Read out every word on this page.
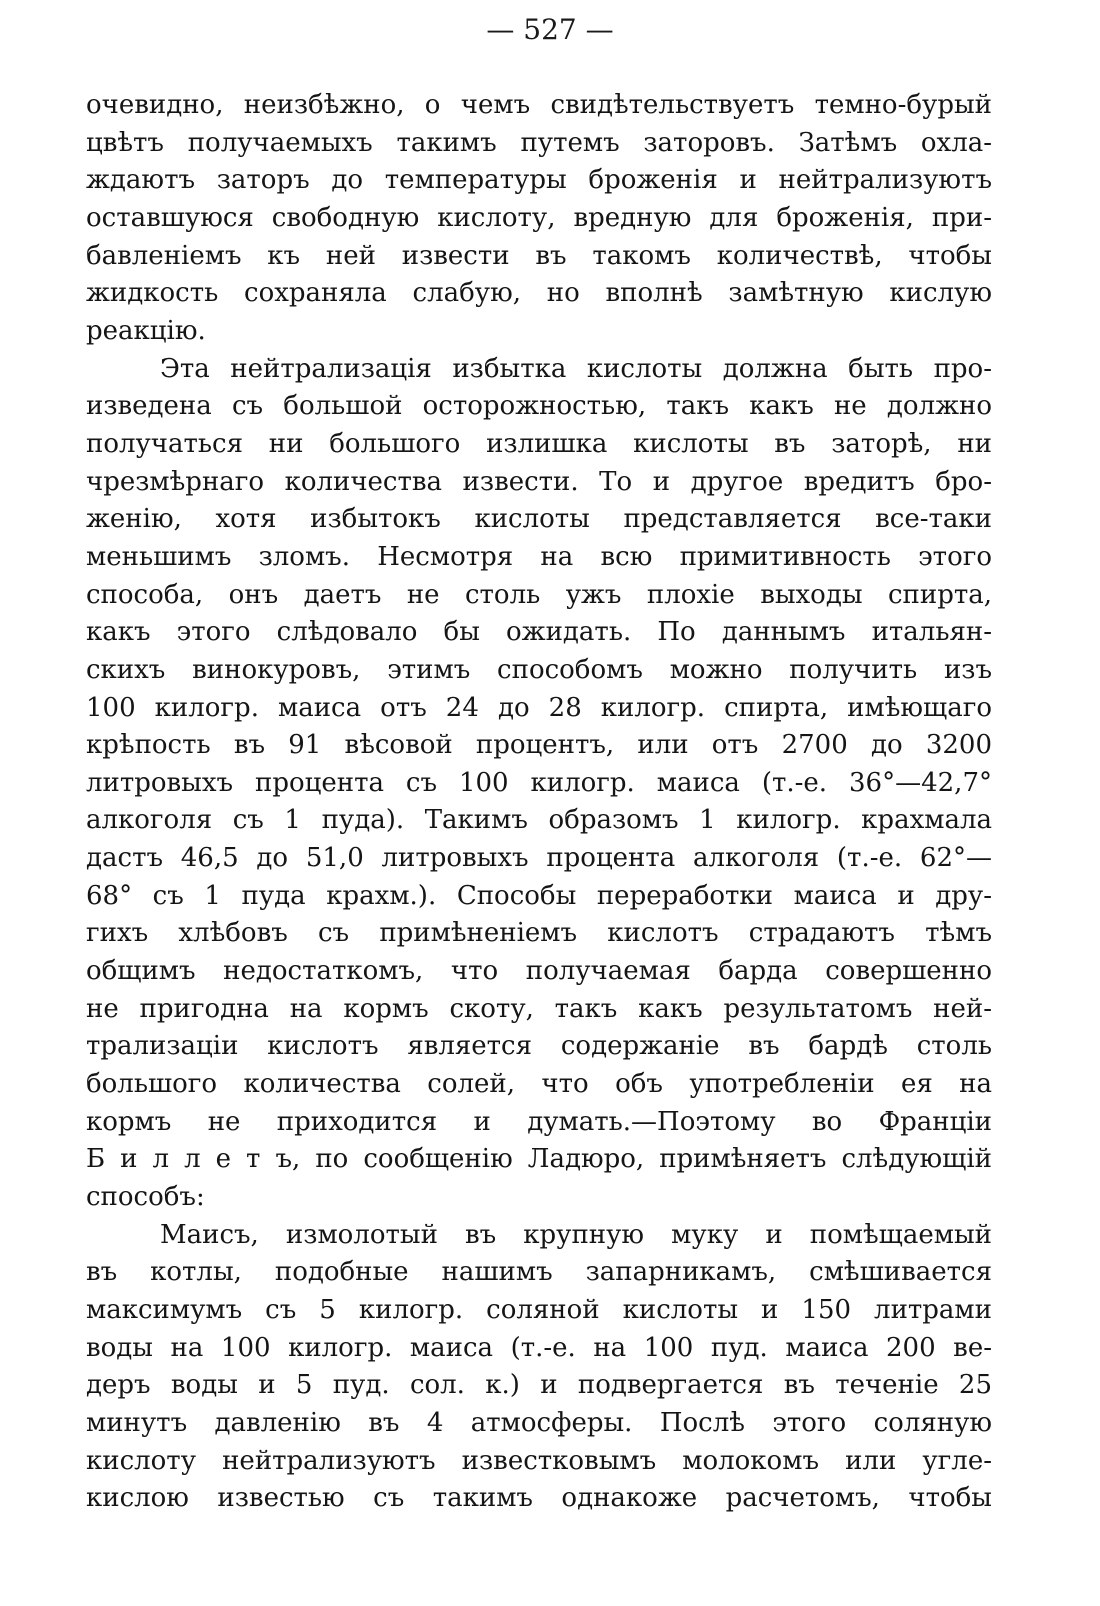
— 527 —
очевидно, неизбѣжно, о чемъ свидѣтельствуетъ темно-бурый
цвѣтъ получаемыхъ такимъ путемъ заторовъ. Затѣмъ охла-
ждаютъ заторъ до температуры броженія и нейтрализуютъ
оставшуюся свободную кислоту, вредную для броженія, при-
бавленіемъ къ ней извести въ такомъ количествѣ, чтобы
жидкость сохраняла слабую, но вполнѣ замѣтную кислую
реакцію.
Эта нейтрализація избытка кислоты должна быть про-
изведена съ большой осторожностью, такъ какъ не должно
получаться ни большого излишка кислоты въ заторѣ, ни
чрезмѣрнаго количества извести. То и другое вредитъ бро-
женію, хотя избытокъ кислоты представляется все-таки
меньшимъ зломъ. Несмотря на всю примитивность этого
способа, онъ даетъ не столь ужъ плохіе выходы спирта,
какъ этого слѣдовало бы ожидать. По даннымъ итальян-
скихъ винокуровъ, этимъ способомъ можно получить изъ
100 килогр. маиса отъ 24 до 28 килогр. спирта, имѣющаго
крѣпость въ 91 вѣсовой процентъ, или отъ 2700 до 3200
литровыхъ процента съ 100 килогр. маиса (т.-е. 36°—42,7°
алкоголя съ 1 пуда). Такимъ образомъ 1 килогр. крахмала
дастъ 46,5 до 51,0 литровыхъ процента алкоголя (т.-е. 62°—
68° съ 1 пуда крахм.). Способы переработки маиса и дру-
гихъ хлѣбовъ съ примѣненіемъ кислотъ страдаютъ тѣмъ
общимъ недостаткомъ, что получаемая барда совершенно
не пригодна на кормъ скоту, такъ какъ результатомъ ней-
трализаціи кислотъ является содержаніе въ бардѣ столь
большого количества солей, что объ употребленіи ея на
кормъ не приходится и думать.—Поэтому во Франціи
Б и л л е т ъ, по сообщенію Ладюро, примѣняетъ слѣдующій
способъ:
Маисъ, измолотый въ крупную муку и помѣщаемый
въ котлы, подобные нашимъ запарникамъ, смѣшивается
максимумъ съ 5 килогр. соляной кислоты и 150 литрами
воды на 100 килогр. маиса (т.-е. на 100 пуд. маиса 200 ве-
деръ воды и 5 пуд. сол. к.) и подвергается въ теченіе 25
минутъ давленію въ 4 атмосферы. Послѣ этого соляную
кислоту нейтрализуютъ известковымъ молокомъ или угле-
кислою известью съ такимъ однакоже расчетомъ, чтобы
